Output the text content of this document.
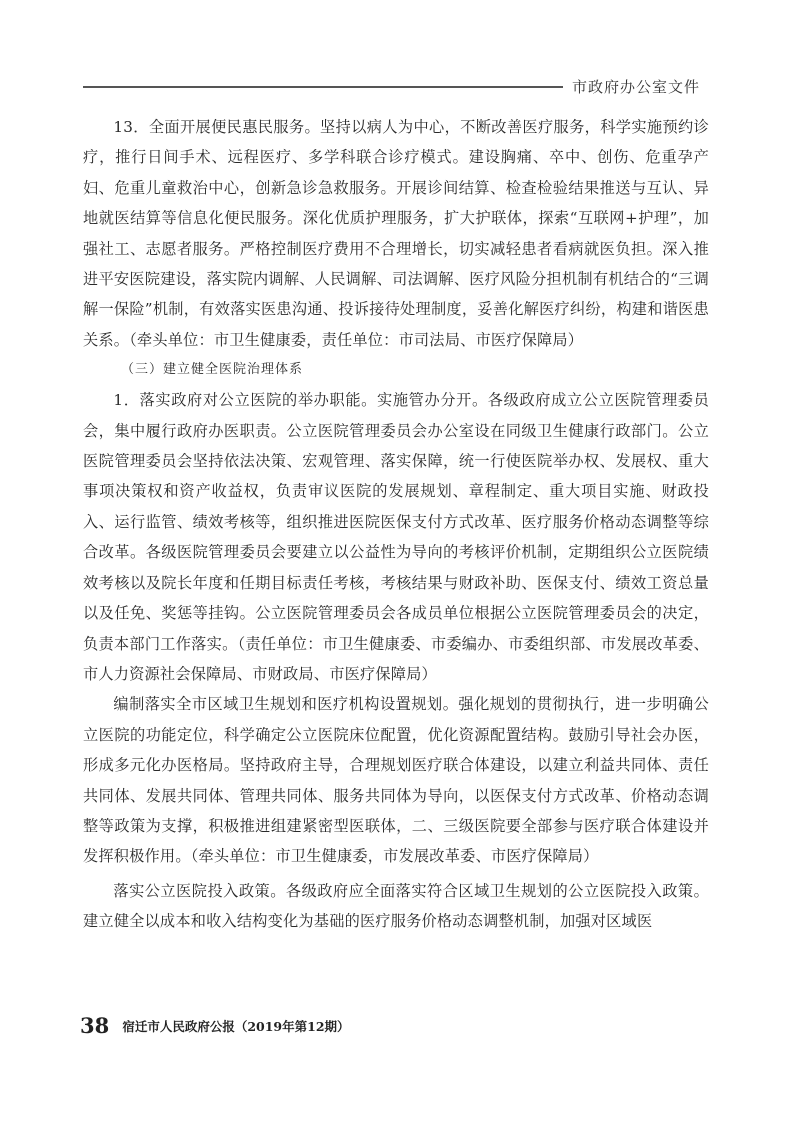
市政府办公室文件

13．全面开展便民惠民服务。坚持以病人为中心，不断改善医疗服务，科学实施预约诊疗，推行日间手术、远程医疗、多学科联合诊疗模式。建设胸痛、卒中、创伤、危重孕产妇、危重儿童救治中心，创新急诊急救服务。开展诊间结算、检查检验结果推送与互认、异地就医结算等信息化便民服务。深化优质护理服务，扩大护联体，探索“互联网+护理”，加强社工、志愿者服务。严格控制医疗费用不合理增长，切实减轻患者看病就医负担。深入推进平安医院建设，落实院内调解、人民调解、司法调解、医疗风险分担机制有机结合的“三调解一保险”机制，有效落实医患沟通、投诉接待处理制度，妥善化解医疗纠纷，构建和谐医患关系。（牵头单位：市卫生健康委，责任单位：市司法局、市医疗保障局）

（三）建立健全医院治理体系

1．落实政府对公立医院的举办职能。实施管办分开。各级政府成立公立医院管理委员会，集中履行政府办医职责。公立医院管理委员会办公室设在同级卫生健康行政部门。公立医院管理委员会坚持依法决策、宏观管理、落实保障，统一行使医院举办权、发展权、重大事项决策权和资产收益权，负责审议医院的发展规划、章程制定、重大项目实施、财政投入、运行监管、绩效考核等，组织推进医院医保支付方式改革、医疗服务价格动态调整等综合改革。各级医院管理委员会要建立以公益性为导向的考核评价机制，定期组织公立医院绩效考核以及院长年度和任期目标责任考核，考核结果与财政补助、医保支付、绩效工资总量以及任免、奖惩等挂钩。公立医院管理委员会各成员单位根据公立医院管理委员会的决定，负责本部门工作落实。（责任单位：市卫生健康委、市委编办、市委组织部、市发展改革委、市人力资源社会保障局、市财政局、市医疗保障局）

编制落实全市区域卫生规划和医疗机构设置规划。强化规划的贯彻执行，进一步明确公立医院的功能定位，科学确定公立医院床位配置，优化资源配置结构。鼓励引导社会办医，形成多元化办医格局。坚持政府主导，合理规划医疗联合体建设，以建立利益共同体、责任共同体、发展共同体、管理共同体、服务共同体为导向，以医保支付方式改革、价格动态调整等政策为支撑，积极推进组建紧密型医联体，二、三级医院要全部参与医疗联合体建设并发挥积极作用。（牵头单位：市卫生健康委，市发展改革委、市医疗保障局）

落实公立医院投入政策。各级政府应全面落实符合区域卫生规划的公立医院投入政策。建立健全以成本和收入结构变化为基础的医疗服务价格动态调整机制，加强对区域医

38 宿迁市人民政府公报（2019年第12期）
